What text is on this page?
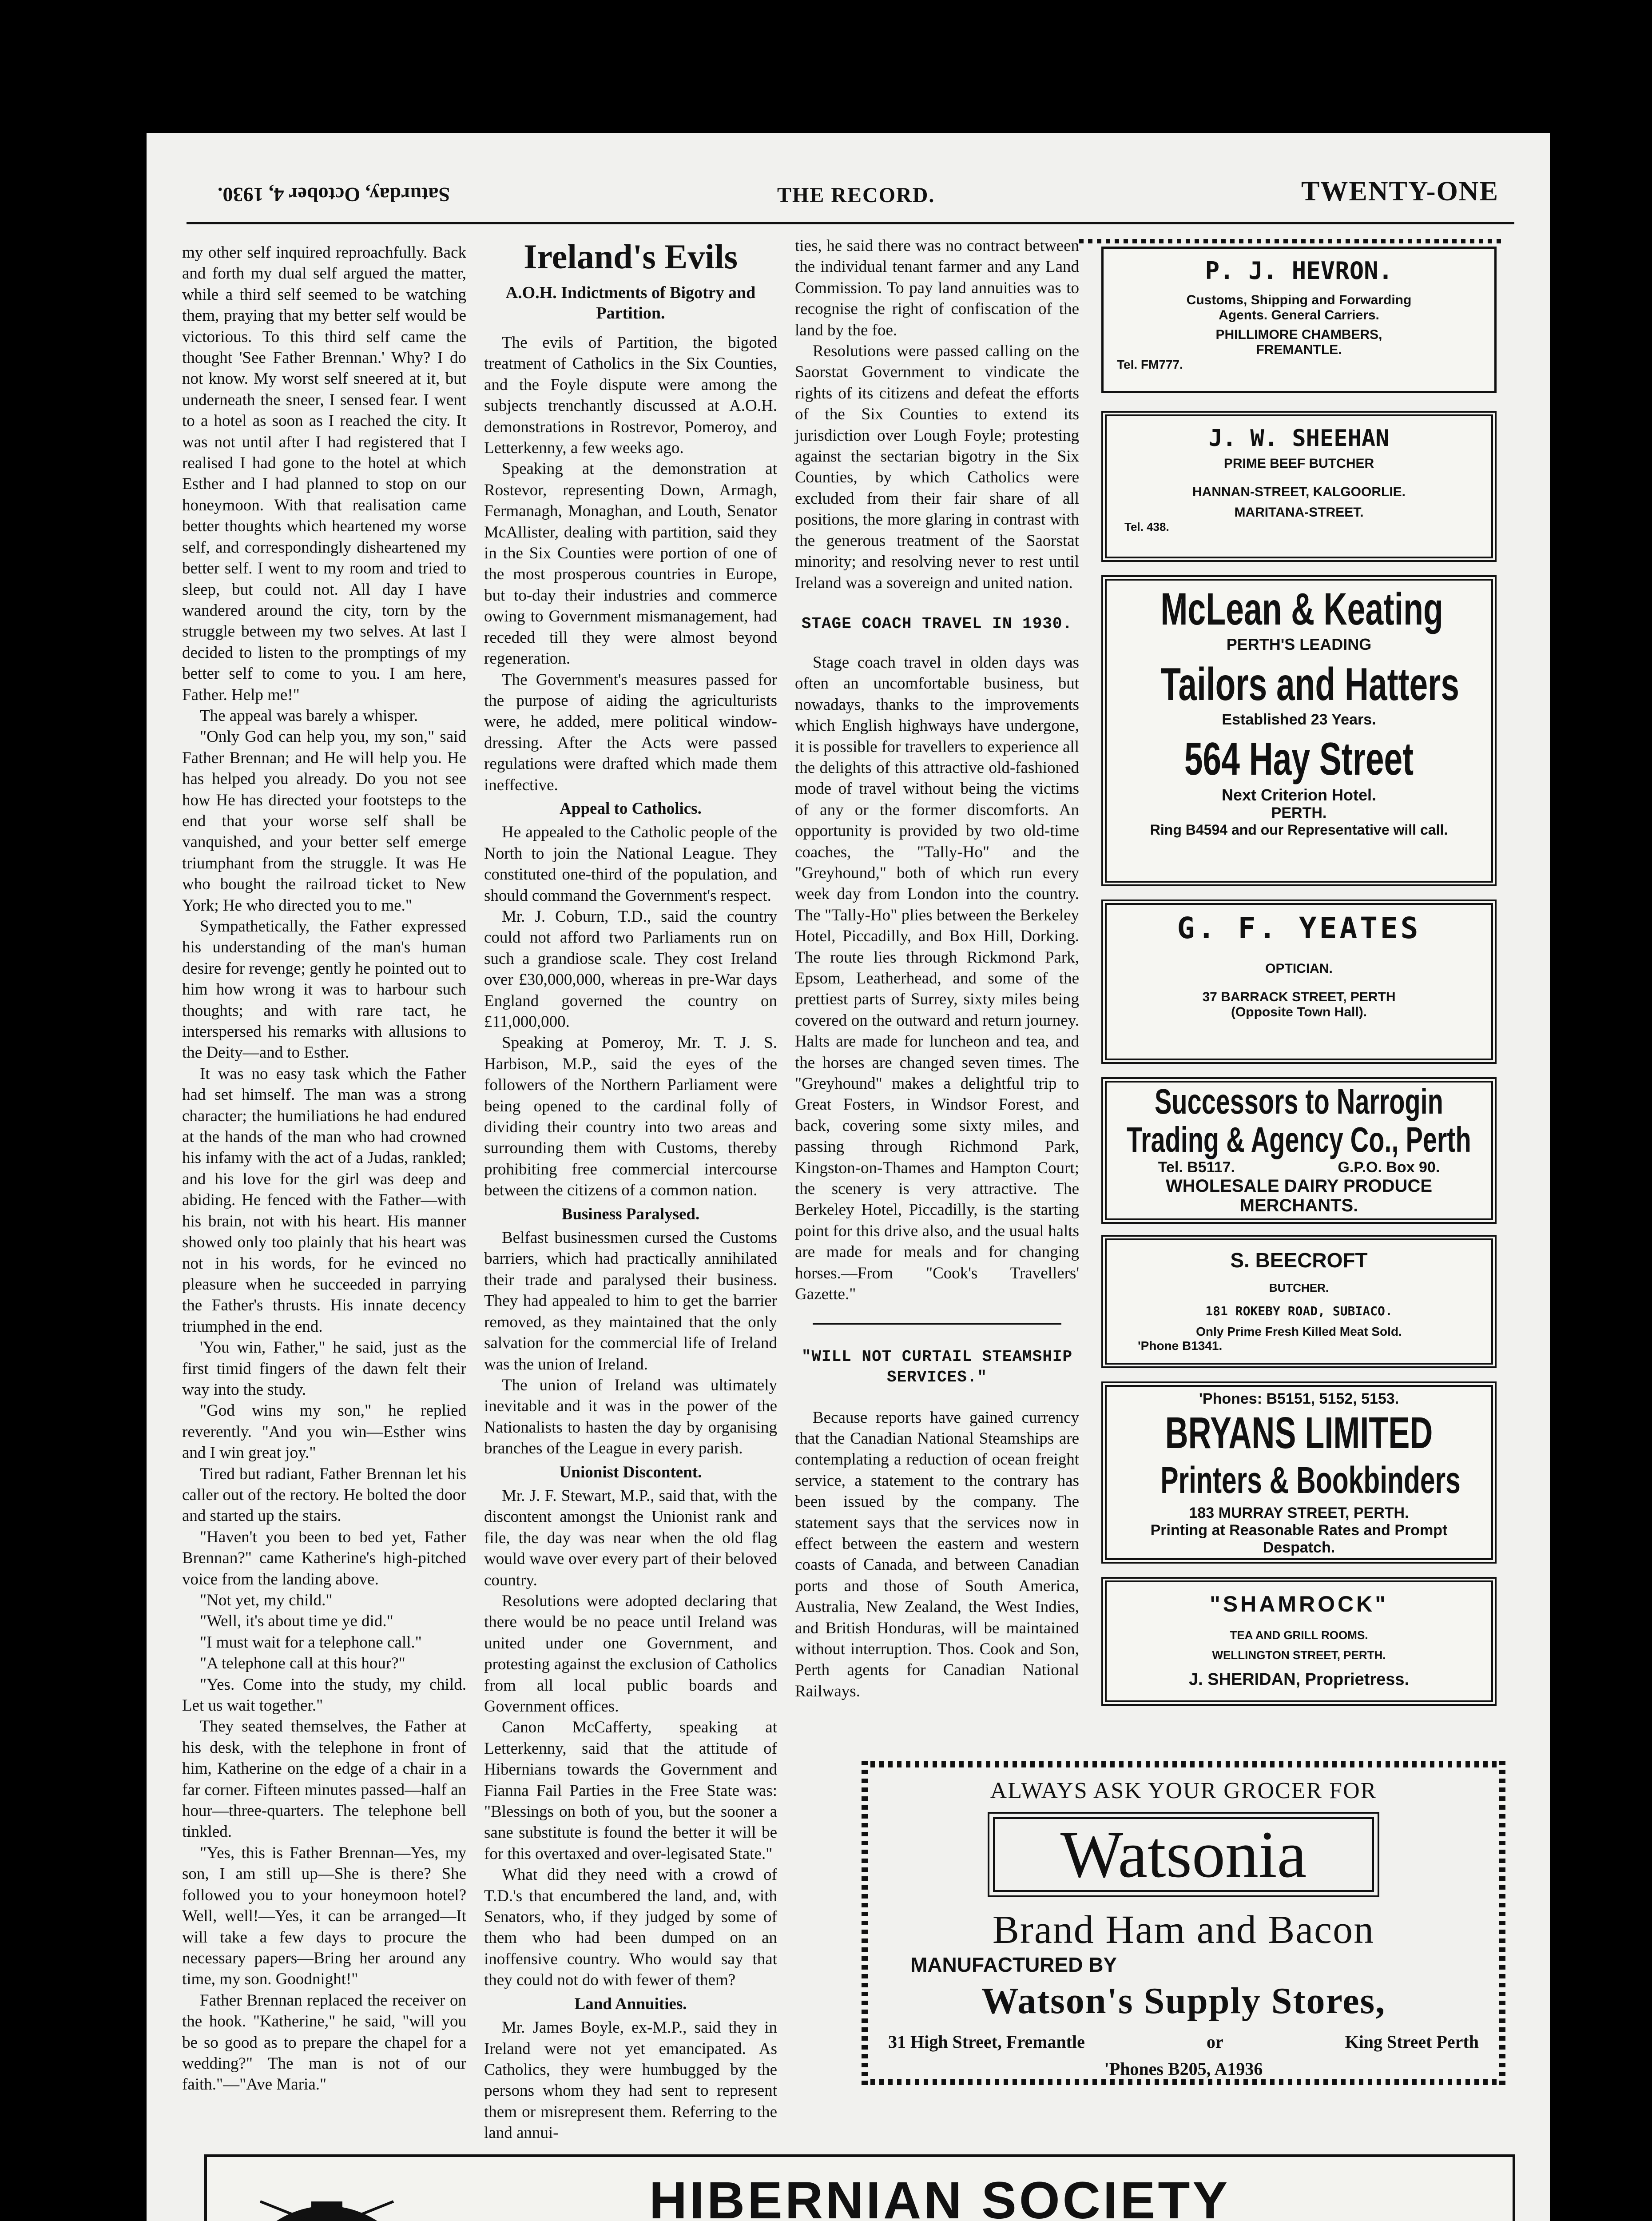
Saturday, October 4, 1930.	THE RECORD.	TWENTY-ONE

my other self inquired reproachfully. Back and forth my dual self argued the matter, while a third self seemed to be watching them, praying that my better self would be victorious. To this third self came the thought 'See Father Brennan.' Why? I do not know. My worst self sneered at it, but underneath the sneer, I sensed fear. I went to a hotel as soon as I reached the city. It was not until after I had registered that I realised I had gone to the hotel at which Esther and I had planned to stop on our honeymoon. With that realisation came better thoughts which heartened my worse self, and correspondingly disheartened my better self. I went to my room and tried to sleep, but could not. All day I have wandered around the city, torn by the struggle between my two selves. At last I decided to listen to the promptings of my better self to come to you. I am here, Father. Help me!"

The appeal was barely a whisper.

"Only God can help you, my son," said Father Brennan; and He will help you. He has helped you already. Do you not see how He has directed your footsteps to the end that your worse self shall be vanquished, and your better self emerge triumphant from the struggle. It was He who bought the railroad ticket to New York; He who directed you to me."

Sympathetically, the Father expressed his understanding of the man's human desire for revenge; gently he pointed out to him how wrong it was to harbour such thoughts; and with rare tact, he interspersed his remarks with allusions to the Deity—and to Esther.

It was no easy task which the Father had set himself. The man was a strong character; the humiliations he had endured at the hands of the man who had crowned his infamy with the act of a Judas, rankled; and his love for the girl was deep and abiding. He fenced with the Father—with his brain, not with his heart. His manner showed only too plainly that his heart was not in his words, for he evinced no pleasure when he succeeded in parrying the Father's thrusts. His innate decency triumphed in the end.

'You win, Father," he said, just as the first timid fingers of the dawn felt their way into the study.

"God wins my son," he replied reverently. "And you win—Esther wins and I win great joy."

Tired but radiant, Father Brennan let his caller out of the rectory. He bolted the door and started up the stairs.

"Haven't you been to bed yet, Father Brennan?" came Katherine's high-pitched voice from the landing above.

"Not yet, my child."

"Well, it's about time ye did."

"I must wait for a telephone call."

"A telephone call at this hour?"

"Yes. Come into the study, my child. Let us wait together."

They seated themselves, the Father at his desk, with the telephone in front of him, Katherine on the edge of a chair in a far corner. Fifteen minutes passed—half an hour—three-quarters. The telephone bell tinkled.

"Yes, this is Father Brennan—Yes, my son, I am still up—She is there? She followed you to your honeymoon hotel? Well, well!—Yes, it can be arranged—It will take a few days to procure the necessary papers—Bring her around any time, my son. Goodnight!"

Father Brennan replaced the receiver on the hook. "Katherine," he said, "will you be so good as to prepare the chapel for a wedding?" The man is not of our faith."—"Ave Maria."

Ireland's Evils
A.O.H. Indictments of Bigotry and Partition.

The evils of Partition, the bigoted treatment of Catholics in the Six Counties, and the Foyle dispute were among the subjects trenchantly discussed at A.O.H. demonstrations in Rostrevor, Pomeroy, and Letterkenny, a few weeks ago.

Speaking at the demonstration at Rostevor, representing Down, Armagh, Fermanagh, Monaghan, and Louth, Senator McAllister, dealing with partition, said they in the Six Counties were portion of one of the most prosperous countries in Europe, but to-day their industries and commerce owing to Government mismanagement, had receded till they were almost beyond regeneration.

The Government's measures passed for the purpose of aiding the agriculturists were, he added, mere political window-dressing. After the Acts were passed regulations were drafted which made them ineffective.

Appeal to Catholics.

He appealed to the Catholic people of the North to join the National League. They constituted one-third of the population, and should command the Government's respect.

Mr. J. Coburn, T.D., said the country could not afford two Parliaments run on such a grandiose scale. They cost Ireland over £30,000,000, whereas in pre-War days England governed the country on £11,000,000.

Speaking at Pomeroy, Mr. T. J. S. Harbison, M.P., said the eyes of the followers of the Northern Parliament were being opened to the cardinal folly of dividing their country into two areas and surrounding them with Customs, thereby prohibiting free commercial intercourse between the citizens of a common nation.

Business Paralysed.

Belfast businessmen cursed the Customs barriers, which had practically annihilated their trade and paralysed their business. They had appealed to him to get the barrier removed, as they maintained that the only salvation for the commercial life of Ireland was the union of Ireland.

The union of Ireland was ultimately inevitable and it was in the power of the Nationalists to hasten the day by organising branches of the League in every parish.

Unionist Discontent.

Mr. J. F. Stewart, M.P., said that, with the discontent amongst the Unionist rank and file, the day was near when the old flag would wave over every part of their beloved country.

Resolutions were adopted declaring that there would be no peace until Ireland was united under one Government, and protesting against the exclusion of Catholics from all local public boards and Government offices.

Canon McCafferty, speaking at Letterkenny, said that the attitude of Hibernians towards the Government and Fianna Fail Parties in the Free State was: "Blessings on both of you, but the sooner a sane substitute is found the better it will be for this overtaxed and over-legisated State."

What did they need with a crowd of T.D.'s that encumbered the land, and, with Senators, who, if they judged by some of them who had been dumped on an inoffensive country. Who would say that they could not do with fewer of them?

Land Annuities.

Mr. James Boyle, ex-M.P., said they in Ireland were not yet emancipated. As Catholics, they were humbugged by the persons whom they had sent to represent them or misrepresent them. Referring to the land annui-

ties, he said there was no contract between the individual tenant farmer and any Land Commission. To pay land annuities was to recognise the right of confiscation of the land by the foe.

Resolutions were passed calling on the Saorstat Government to vindicate the rights of its citizens and defeat the efforts of the Six Counties to extend its jurisdiction over Lough Foyle; protesting against the sectarian bigotry in the Six Counties, by which Catholics were excluded from their fair share of all positions, the more glaring in contrast with the generous treatment of the Saorstat minority; and resolving never to rest until Ireland was a sovereign and united nation.

STAGE COACH TRAVEL IN 1930.

Stage coach travel in olden days was often an uncomfortable business, but nowadays, thanks to the improvements which English highways have undergone, it is possible for travellers to experience all the delights of this attractive old-fashioned mode of travel without being the victims of any or the former discomforts. An opportunity is provided by two old-time coaches, the "Tally-Ho" and the "Greyhound," both of which run every week day from London into the country. The "Tally-Ho" plies between the Berkeley Hotel, Piccadilly, and Box Hill, Dorking. The route lies through Rickmond Park, Epsom, Leatherhead, and some of the prettiest parts of Surrey, sixty miles being covered on the outward and return journey. Halts are made for luncheon and tea, and the horses are changed seven times. The "Greyhound" makes a delightful trip to Great Fosters, in Windsor Forest, and back, covering some sixty miles, and passing through Richmond Park, Kingston-on-Thames and Hampton Court; the scenery is very attractive. The Berkeley Hotel, Piccadilly, is the starting point for this drive also, and the usual halts are made for meals and for changing horses.—From "Cook's Travellers' Gazette."

"WILL NOT CURTAIL STEAMSHIP SERVICES."

Because reports have gained currency that the Canadian National Steamships are contemplating a reduction of ocean freight service, a statement to the contrary has been issued by the company. The statement says that the services now in effect between the eastern and western coasts of Canada, and between Canadian ports and those of South America, Australia, New Zealand, the West Indies, and British Honduras, will be maintained without interruption. Thos. Cook and Son, Perth agents for Canadian National Railways.

P. J. HEVRON.
Customs, Shipping and Forwarding
Agents. General Carriers.
PHILLIMORE CHAMBERS,
FREMANTLE.
Tel. FM777.
J. W. SHEEHAN
PRIME BEEF BUTCHER
HANNAN-STREET, KALGOORLIE.
MARITANA-STREET.
Tel. 438.
McLean & Keating
PERTH'S LEADING
Tailors and Hatters
Established 23 Years.
564 Hay Street
Next Criterion Hotel.
PERTH.
Ring B4594 and our Representative will call.
G. F. YEATES
OPTICIAN.
37 BARRACK STREET, PERTH
(Opposite Town Hall).
Successors to Narrogin Trading & Agency Co., Perth
Tel. B5117.	G.P.O. Box 90.
WHOLESALE DAIRY PRODUCE MERCHANTS.
S. BEECROFT
BUTCHER.
181 ROKEBY ROAD, SUBIACO.
Only Prime Fresh Killed Meat Sold.
'Phone B1341.
'Phones: B5151, 5152, 5153.
BRYANS LIMITED
Printers & Bookbinders
183 MURRAY STREET, PERTH.
Printing at Reasonable Rates and Prompt Despatch.
"SHAMROCK"
TEA AND GRILL ROOMS.
WELLINGTON STREET, PERTH.
J. SHERIDAN, Proprietress.
ALWAYS ASK YOUR GROCER FOR
Watsonia
Brand Ham and Bacon
MANUFACTURED BY
Watson's Supply Stores,
31 High Street, Fremantle	or	King Street Perth
'Phones B205, A1936
HIBERNIAN SOCIETY
